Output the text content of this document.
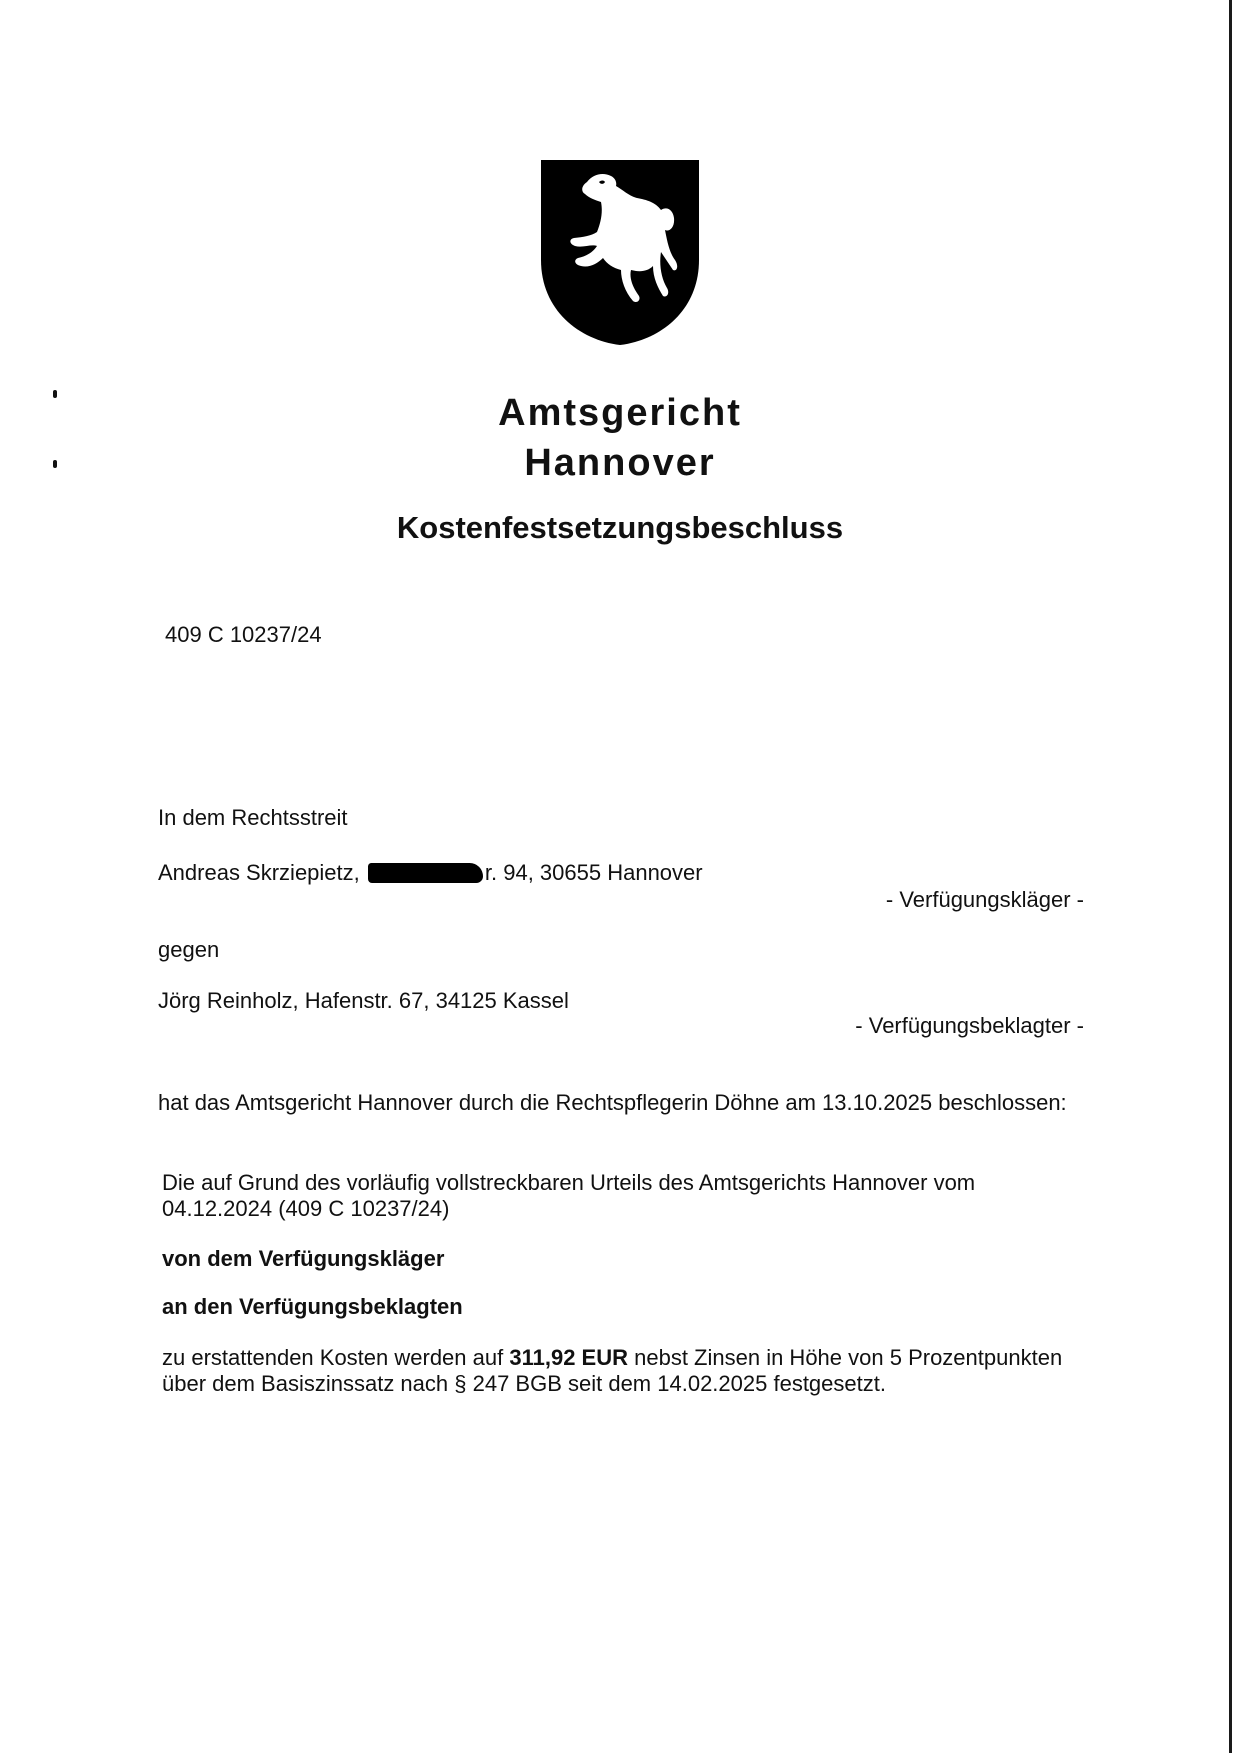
Amtsgericht
Hannover
Kostenfestsetzungsbeschluss
409 C 10237/24
In dem Rechtsstreit
Andreas Skrziepietz,	r. 94, 30655 Hannover
- Verfügungskläger -
gegen
Jörg Reinholz, Hafenstr. 67, 34125 Kassel
- Verfügungsbeklagter -
hat das Amtsgericht Hannover durch die Rechtspflegerin Döhne am 13.10.2025 beschlossen:
Die auf Grund des vorläufig vollstreckbaren Urteils des Amtsgerichts Hannover vom
04.12.2024 (409 C 10237/24)
von dem Verfügungskläger
an den Verfügungsbeklagten
zu erstattenden Kosten werden auf 311,92 EUR nebst Zinsen in Höhe von 5 Prozentpunkten
über dem Basiszinssatz nach § 247 BGB seit dem 14.02.2025 festgesetzt.
